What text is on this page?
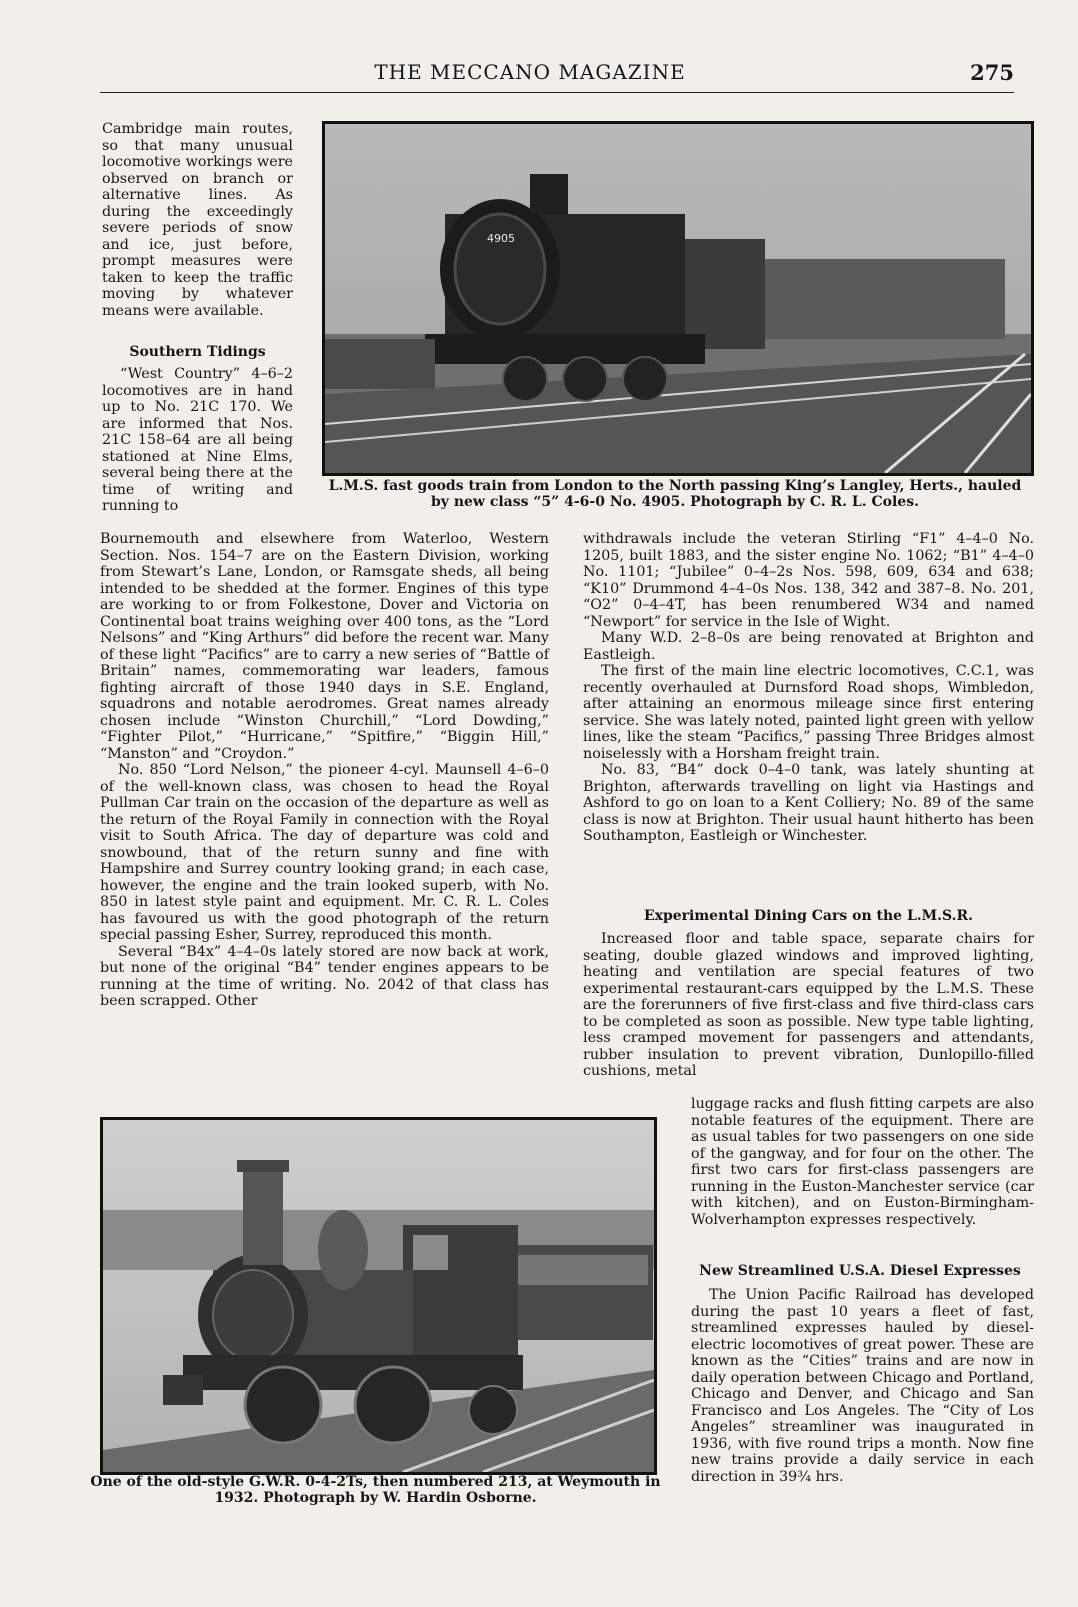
THE MECCANO MAGAZINE	275

Cambridge main routes, so that many unusual locomotive workings were observed on branch or alternative lines. As during the exceedingly severe periods of snow and ice, just before, prompt measures were taken to keep the traffic moving by whatever means were available.

Southern Tidings

“West Country” 4–6–2 locomotives are in hand up to No. 21C 170. We are informed that Nos. 21C 158–64 are all being stationed at Nine Elms, several being there at the time of writing and running to

4905
L.M.S. fast goods train from London to the North passing King’s Langley, Herts., hauled by new class “5” 4-6-0 No. 4905. Photograph by C. R. L. Coles.

Bournemouth and elsewhere from Waterloo, Western Section. Nos. 154–7 are on the Eastern Division, working from Stewart’s Lane, London, or Ramsgate sheds, all being intended to be shedded at the former. Engines of this type are working to or from Folkestone, Dover and Victoria on Continental boat trains weighing over 400 tons, as the “Lord Nelsons” and “King Arthurs” did before the recent war. Many of these light “Pacifics” are to carry a new series of “Battle of Britain” names, commemorating war leaders, famous fighting aircraft of those 1940 days in S.E. England, squadrons and notable aerodromes. Great names already chosen include “Winston Churchill,” “Lord Dowding,” “Fighter Pilot,” “Hurricane,” “Spitfire,” “Biggin Hill,” “Manston” and “Croydon.”

No. 850 “Lord Nelson,” the pioneer 4-cyl. Maunsell 4–6–0 of the well-known class, was chosen to head the Royal Pullman Car train on the occasion of the departure as well as the return of the Royal Family in connection with the Royal visit to South Africa. The day of departure was cold and snowbound, that of the return sunny and fine with Hampshire and Surrey country looking grand; in each case, however, the engine and the train looked superb, with No. 850 in latest style paint and equipment. Mr. C. R. L. Coles has favoured us with the good photograph of the return special passing Esher, Surrey, reproduced this month.

Several “B4x” 4–4–0s lately stored are now back at work, but none of the original “B4” tender engines appears to be running at the time of writing. No. 2042 of that class has been scrapped. Other

withdrawals include the veteran Stirling “F1” 4–4–0 No. 1205, built 1883, and the sister engine No. 1062; “B1” 4–4–0 No. 1101; “Jubilee” 0–4–2s Nos. 598, 609, 634 and 638; “K10” Drummond 4–4–0s Nos. 138, 342 and 387–8. No. 201, “O2” 0–4–4T, has been renumbered W34 and named “Newport” for service in the Isle of Wight.

Many W.D. 2–8–0s are being renovated at Brighton and Eastleigh.

The first of the main line electric locomotives, C.C.1, was recently overhauled at Durnsford Road shops, Wimbledon, after attaining an enormous mileage since first entering service. She was lately noted, painted light green with yellow lines, like the steam “Pacifics,” passing Three Bridges almost noiselessly with a Horsham freight train.

No. 83, “B4” dock 0–4–0 tank, was lately shunting at Brighton, afterwards travelling on light via Hastings and Ashford to go on loan to a Kent Colliery; No. 89 of the same class is now at Brighton. Their usual haunt hitherto has been Southampton, Eastleigh or Winchester.

Experimental Dining Cars on the L.M.S.R.

Increased floor and table space, separate chairs for seating, double glazed windows and improved lighting, heating and ventilation are special features of two experimental restaurant-cars equipped by the L.M.S. These are the forerunners of five first-class and five third-class cars to be completed as soon as possible. New type table lighting, less cramped movement for passengers and attendants, rubber insulation to prevent vibration, Dunlopillo-filled cushions, metal

luggage racks and flush fitting carpets are also notable features of the equipment. There are as usual tables for two passengers on one side of the gangway, and for four on the other. The first two cars for first-class passengers are running in the Euston-Manchester service (car with kitchen), and on Euston-Birmingham-Wolverhampton expresses respectively.

New Streamlined U.S.A. Diesel Expresses

The Union Pacific Railroad has developed during the past 10 years a fleet of fast, streamlined expresses hauled by diesel-electric locomotives of great power. These are known as the “Cities” trains and are now in daily operation between Chicago and Portland, Chicago and Denver, and Chicago and San Francisco and Los Angeles. The “City of Los Angeles” streamliner was inaugurated in 1936, with five round trips a month. Now fine new trains provide a daily service in each direction in 39¾ hrs.

One of the old-style G.W.R. 0-4-2Ts, then numbered 213, at Weymouth in 1932. Photograph by W. Hardin Osborne.
